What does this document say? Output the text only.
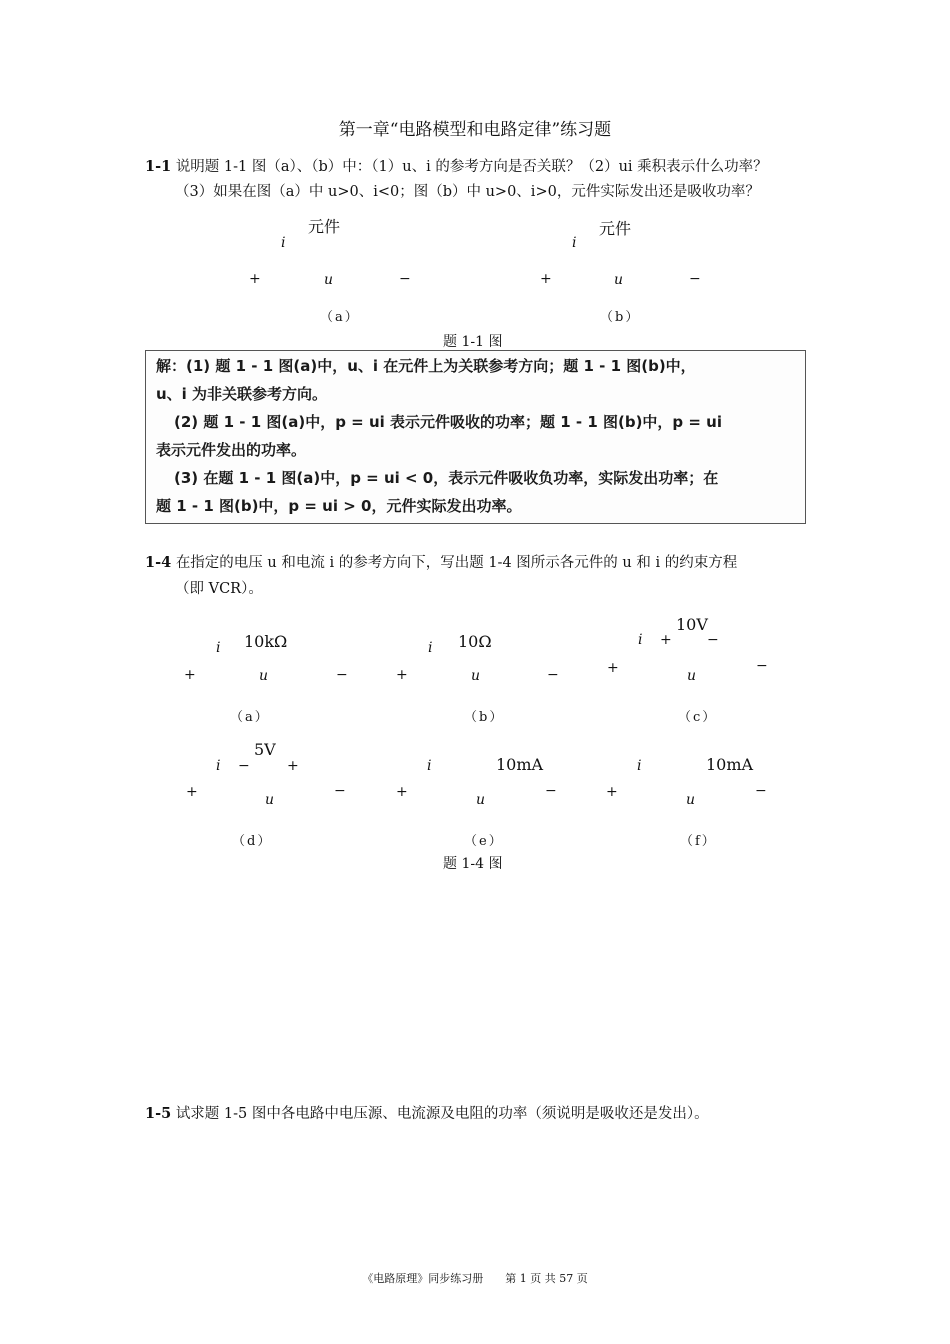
第一章“电路模型和电路定律”练习题
1-1 说明题 1-1 图（a）、（b）中：（1）u、i 的参考方向是否关联？（2）ui 乘积表示什么功率？
（3）如果在图（a）中 u>0、i<0；图（b）中 u>0、i>0，元件实际发出还是吸收功率？
元件
i
+	u	−
（a）
元件
i
+	u	−
（b）
题 1-1 图
解：(1) 题 1 - 1 图(a)中，u、i 在元件上为关联参考方向；题 1 - 1 图(b)中，
u、i 为非关联参考方向。
(2) 题 1 - 1 图(a)中，p = ui 表示元件吸收的功率；题 1 - 1 图(b)中，p = ui
表示元件发出的功率。
(3) 在题 1 - 1 图(a)中，p = ui < 0，表示元件吸收负功率，实际发出功率；在
题 1 - 1 图(b)中，p = ui > 0，元件实际发出功率。
1-4 在指定的电压 u 和电流 i 的参考方向下，写出题 1-4 图所示各元件的 u 和 i 的约束方程
（即 VCR）。
i 10kΩ
+	u	−
（a）
i 10Ω
+	u	−
（b）
i +
10V
−
+	u
−
（c）
i −
5V
+
+	u
−
（d）
i	10mA
+	u
−
（e）
i	10mA
+	u
−
（f）
题 1-4 图
1-5 试求题 1-5 图中各电路中电压源、电流源及电阻的功率（须说明是吸收还是发出）。
《电路原理》同步练习册　　第 1 页 共 57 页
